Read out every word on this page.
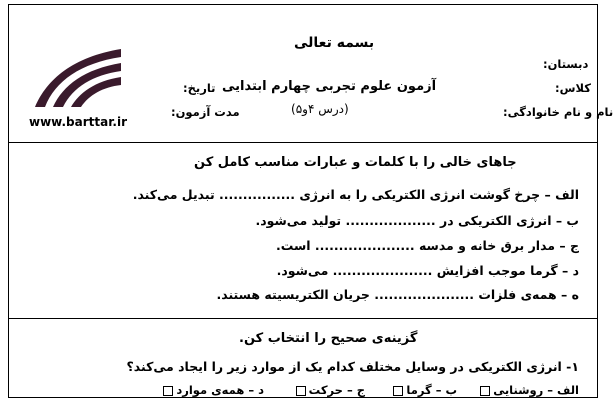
www.barttar.ir
بسمه تعالی
آزمون علوم تجربی چهارم ابتدایی
(درس ۴و۵)
دبستان:
کلاس:
نام و نام خانوادگی:
تاریخ:
مدت آزمون:
جاهای خالی را با کلمات و عبارات مناسب کامل کن
الف – چرخ گوشت انرژی الکتریکی را به انرژی ................ تبدیل می‌کند.
ب – انرژی الکتریکی در ................... تولید می‌شود.
ج – مدار برق خانه و مدسه ..................... است.
د – گرما موجب افزایش ..................... می‌شود.
ه – همه‌ی فلزات ..................... جریان الکتریسیته هستند.
گزینه‌ی صحیح را انتخاب کن.
۱- انرژی الکتریکی در وسایل مختلف کدام یک از موارد زیر را ایجاد می‌کند؟
الف – روشنایی
ب – گرما
ج – حرکت
د – همه‌ی موارد
